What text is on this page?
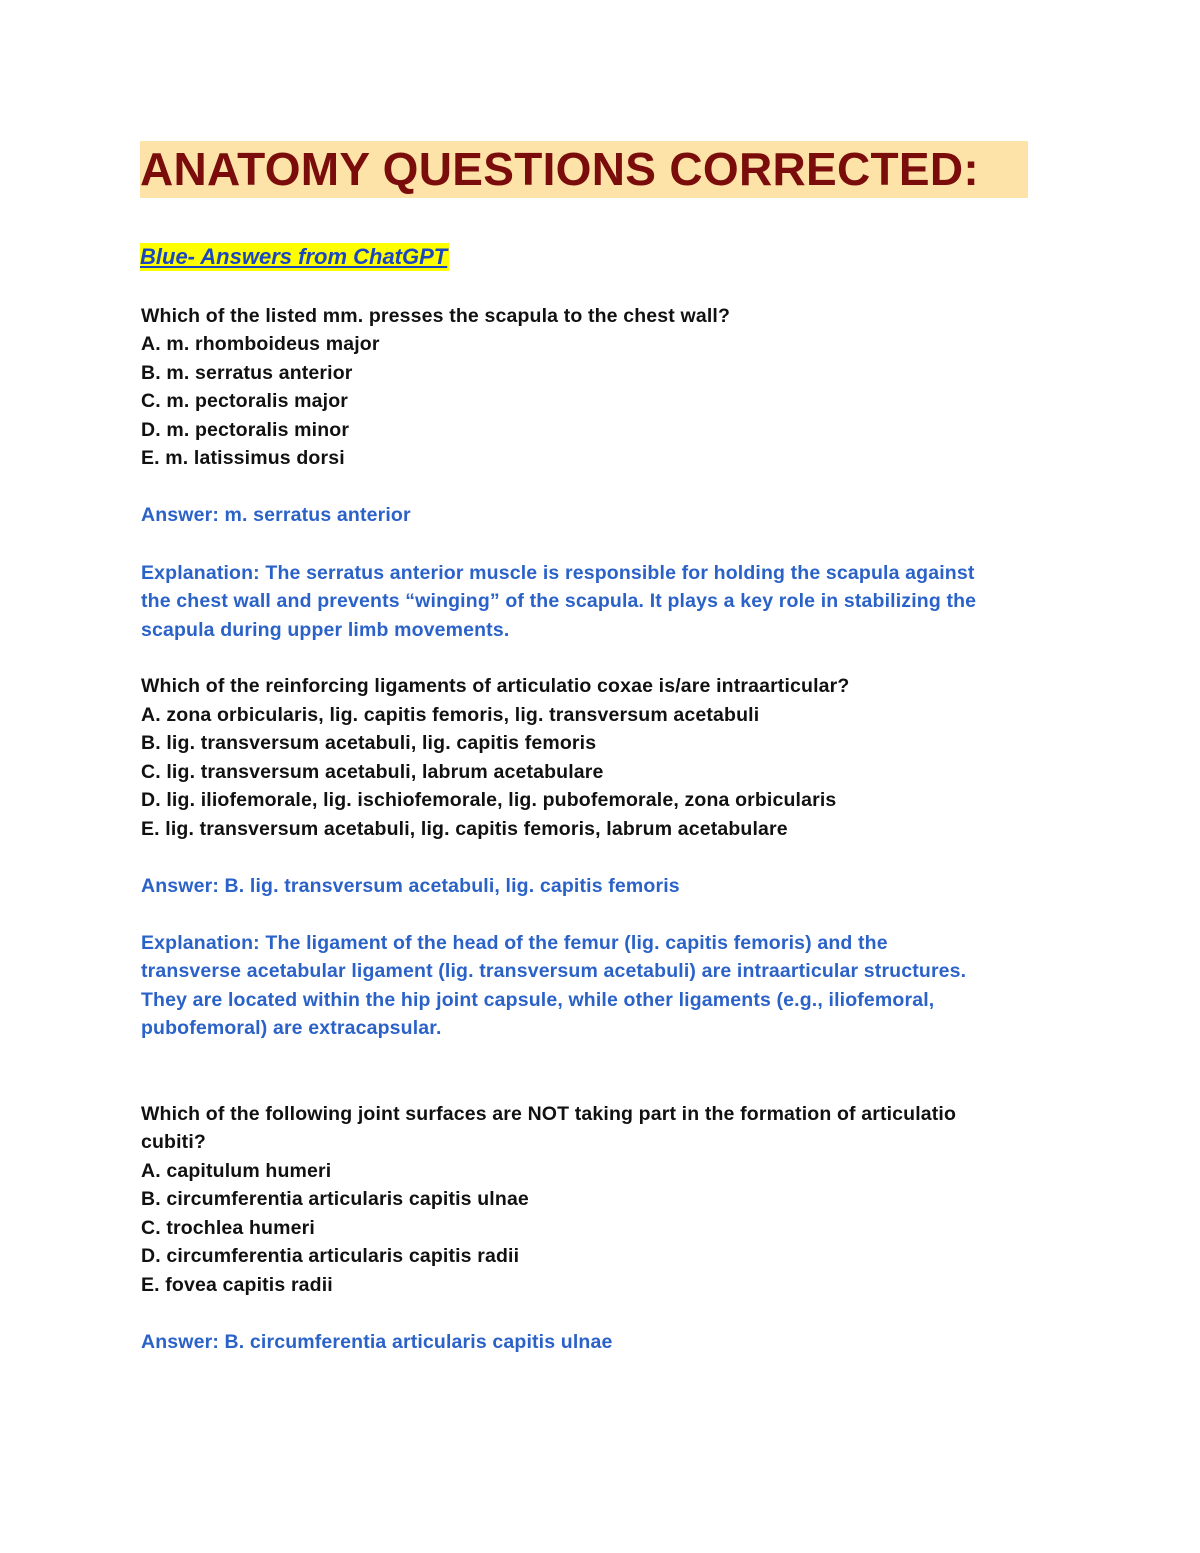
ANATOMY QUESTIONS CORRECTED:
Blue- Answers from ChatGPT
Which of the listed mm. presses the scapula to the chest wall?
A. m. rhomboideus major
B. m. serratus anterior
C. m. pectoralis major
D. m. pectoralis minor
E. m. latissimus dorsi
Answer: m. serratus anterior
Explanation: The serratus anterior muscle is responsible for holding the scapula against
the chest wall and prevents “winging” of the scapula. It plays a key role in stabilizing the
scapula during upper limb movements.
Which of the reinforcing ligaments of articulatio coxae is/are intraarticular?
A. zona orbicularis, lig. capitis femoris, lig. transversum acetabuli
B. lig. transversum acetabuli, lig. capitis femoris
C. lig. transversum acetabuli, labrum acetabulare
D. lig. iliofemorale, lig. ischiofemorale, lig. pubofemorale, zona orbicularis
E. lig. transversum acetabuli, lig. capitis femoris, labrum acetabulare
Answer: B. lig. transversum acetabuli, lig. capitis femoris
Explanation: The ligament of the head of the femur (lig. capitis femoris) and the
transverse acetabular ligament (lig. transversum acetabuli) are intraarticular structures.
They are located within the hip joint capsule, while other ligaments (e.g., iliofemoral,
pubofemoral) are extracapsular.
Which of the following joint surfaces are NOT taking part in the formation of articulatio
cubiti?
A. capitulum humeri
B. circumferentia articularis capitis ulnae
C. trochlea humeri
D. circumferentia articularis capitis radii
E. fovea capitis radii
Answer: B. circumferentia articularis capitis ulnae
